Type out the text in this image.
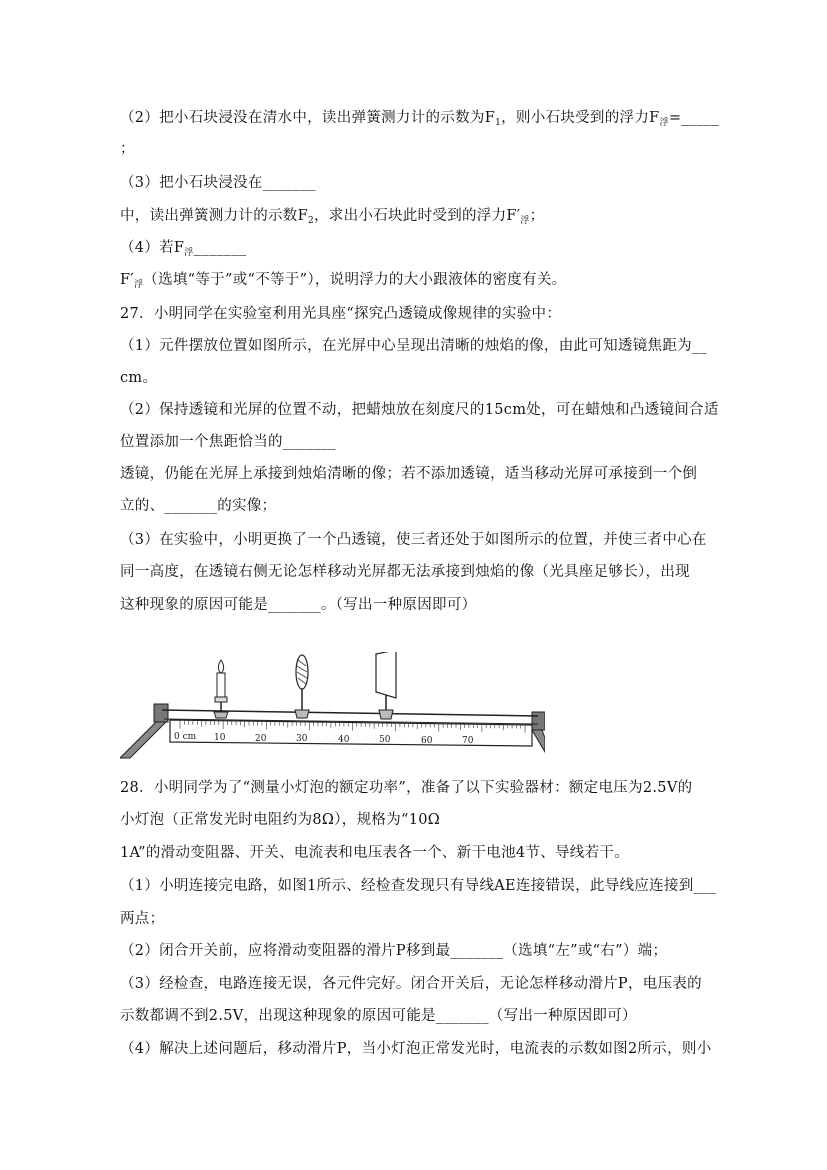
（2）把小石块浸没在清水中，读出弹簧测力计的示数为$F_1$，则小石块受到的浮力$F_浮=\_\_\_\_\_$
；
（3）把小石块浸没在_______
中，读出弹簧测力计的示数$F_2$，求出小石块此时受到的浮力$F'_浮$；
（4）若$F_浮\_\_\_\_\_\_\_$
$F'_浮$（选填“等于”或“不等于”），说明浮力的大小跟液体的密度有关。
27．小明同学在实验室利用光具座“探究凸透镜成像规律的实验中：
（1）元件摆放位置如图所示，在光屏中心呈现出清晰的烛焰的像，由此可知透镜焦距为__
cm。
（2）保持透镜和光屏的位置不动，把蜡烛放在刻度尺的15cm处，可在蜡烛和凸透镜间合适
位置添加一个焦距恰当的_______
透镜，仍能在光屏上承接到烛焰清晰的像；若不添加透镜，适当移动光屏可承接到一个倒
立的、_______的实像；
（3）在实验中，小明更换了一个凸透镜，使三者还处于如图所示的位置，并使三者中心在
同一高度，在透镜右侧无论怎样移动光屏都无法承接到烛焰的像（光具座足够长），出现
这种现象的原因可能是_______。（写出一种原因即可）
0 cm 10	20	30	40	50	60	70
28．小明同学为了“测量小灯泡的额定功率”，准备了以下实验器材：额定电压为2.5V的
小灯泡（正常发光时电阻约为8Ω），规格为“10Ω
1A”的滑动变阻器、开关、电流表和电压表各一个、新干电池4节、导线若干。
（1）小明连接完电路，如图1所示、经检查发现只有导线AE连接错误，此导线应连接到___
两点；
（2）闭合开关前，应将滑动变阻器的滑片P移到最_______（选填“左”或“右”）端；
（3）经检查，电路连接无误，各元件完好。闭合开关后，无论怎样移动滑片P，电压表的
示数都调不到2.5V，出现这种现象的原因可能是_______（写出一种原因即可）
（4）解决上述问题后，移动滑片P，当小灯泡正常发光时，电流表的示数如图2所示，则小
